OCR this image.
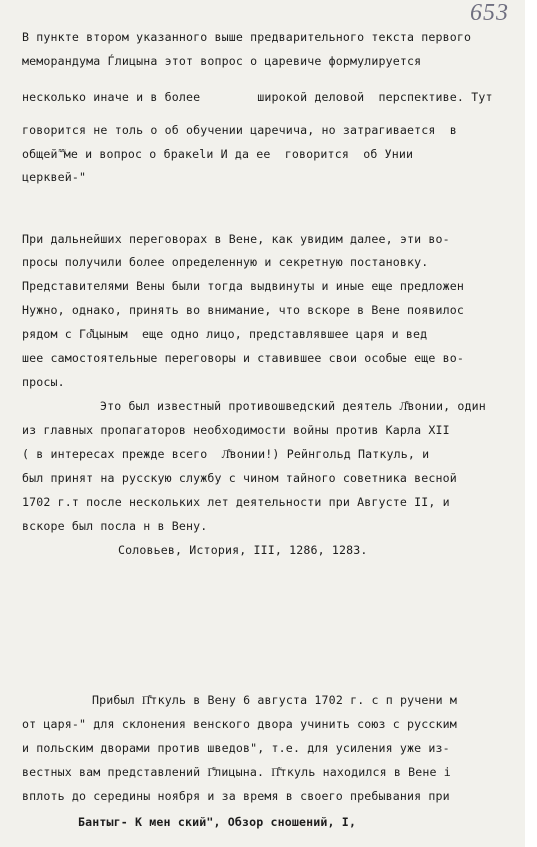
653
В пункте втором указанного выше предварительного текста первого
меморандума Ѓлицына этот вопрос о царевиче формулируется
несколько иначе и в более        широкой деловой  перспективе. Тут
говорится не толь о об обучении царечича, но затрагивается  в
общей ͌ ͌ме и вопрос о бракеlи И да ее  говорится  об Унии
церквей-"
При дальнейших переговорах в Вене, как увидим далее, эти во-
просы получили более определенную и секретную постановку.
Представителями Вены были тогда выдвинуты и иные еще предложен
Нужно, однако, принять во внимание, что вскоре в Вене появилос
рядом с Го͌͌цыным  еще одно лицо, представлявшее царя и вед
шее самостоятельные переговоры и ставившее свои особые еще во-
просы.
Это был известный противошведский деятель Л͌вонии, один
из главных пропагаторов необходимости войны против Карла XII
( в интересах прежде всего  Л͌вонии!) Рейнгольд Паткуль, и
был принят на русскую службу с чином тайного советника весной
1702 г.т после нескольких лет деятельности при Августе II, и
вскоре был посла н в Вену.
Соловьев, История, III, 1286, 1283.
Прибыл П͌ткуль в Вену 6 августа 1702 г. с п ручени м
от царя-" для склонения венского двора учинить союз с русским
и польским дворами против шведов", т.е. для усиления уже из-
вестных вам представлений Г͌лицына. П͌ткуль находился в Вене і
вплоть до середины ноября и за время в своего пребывания при
Бантыг- К мен ский", Обзор сношений, I,
